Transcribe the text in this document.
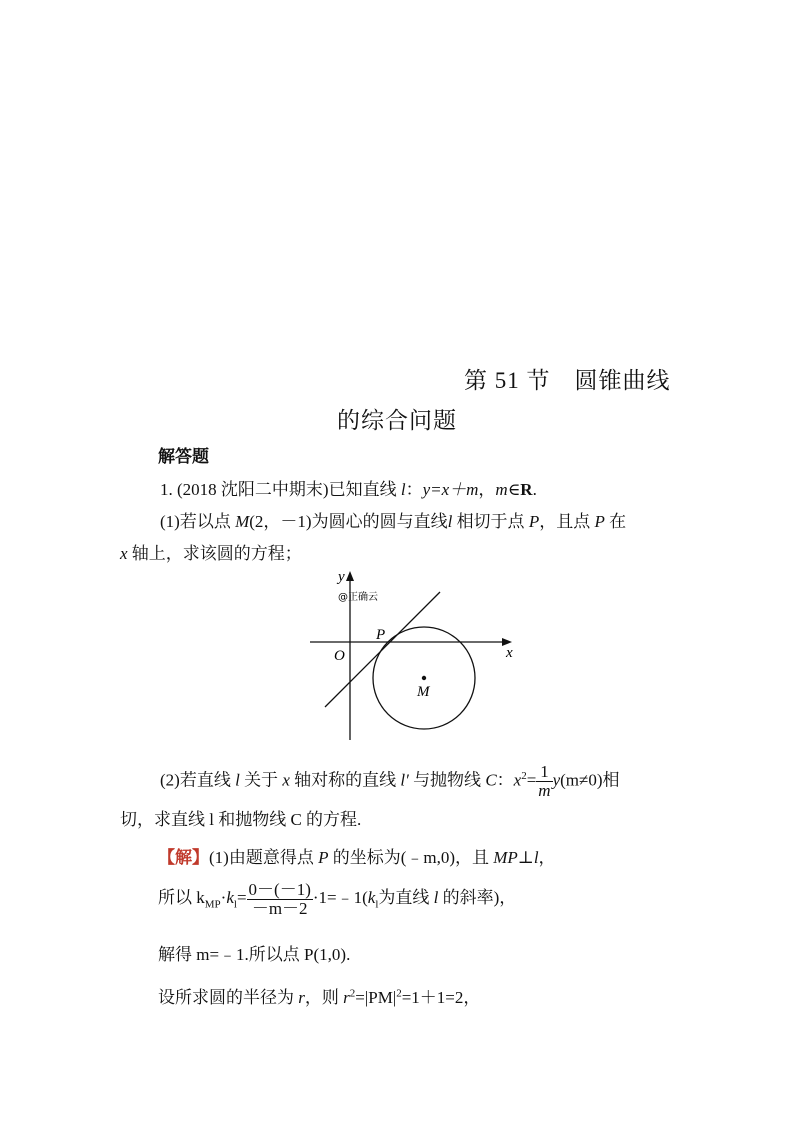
第 51 节　圆锥曲线
的综合问题
解答题
1. (2018 沈阳二中期末)已知直线 l：y=x＋m，m∈R.
(1)若以点 M(2，－1)为圆心的圆与直线l 相切于点 P，且点 P 在
x 轴上，求该圆的方程；
y
@正确云
x
O
P
M
(2)若直线 l 关于 x 轴对称的直线 l′ 与抛物线 C：$x^2= \frac{1}{m} y(m\ne 0)$相
切，求直线 l 和抛物线 C 的方程.
【解】(1)由题意得点 P 的坐标为(﹣m,0)，且 MP⊥l，
所以 $k_{MP}\cdot k_l= \frac{0-(-1)}{-m-2}$ $\cdot 1=﹣1(k_l$为直线 l 的斜率)，
解得 m=﹣1.所以点 P(1,0).
设所求圆的半径为 r，则 $r^2=|PM|^2=1+1=2$，
